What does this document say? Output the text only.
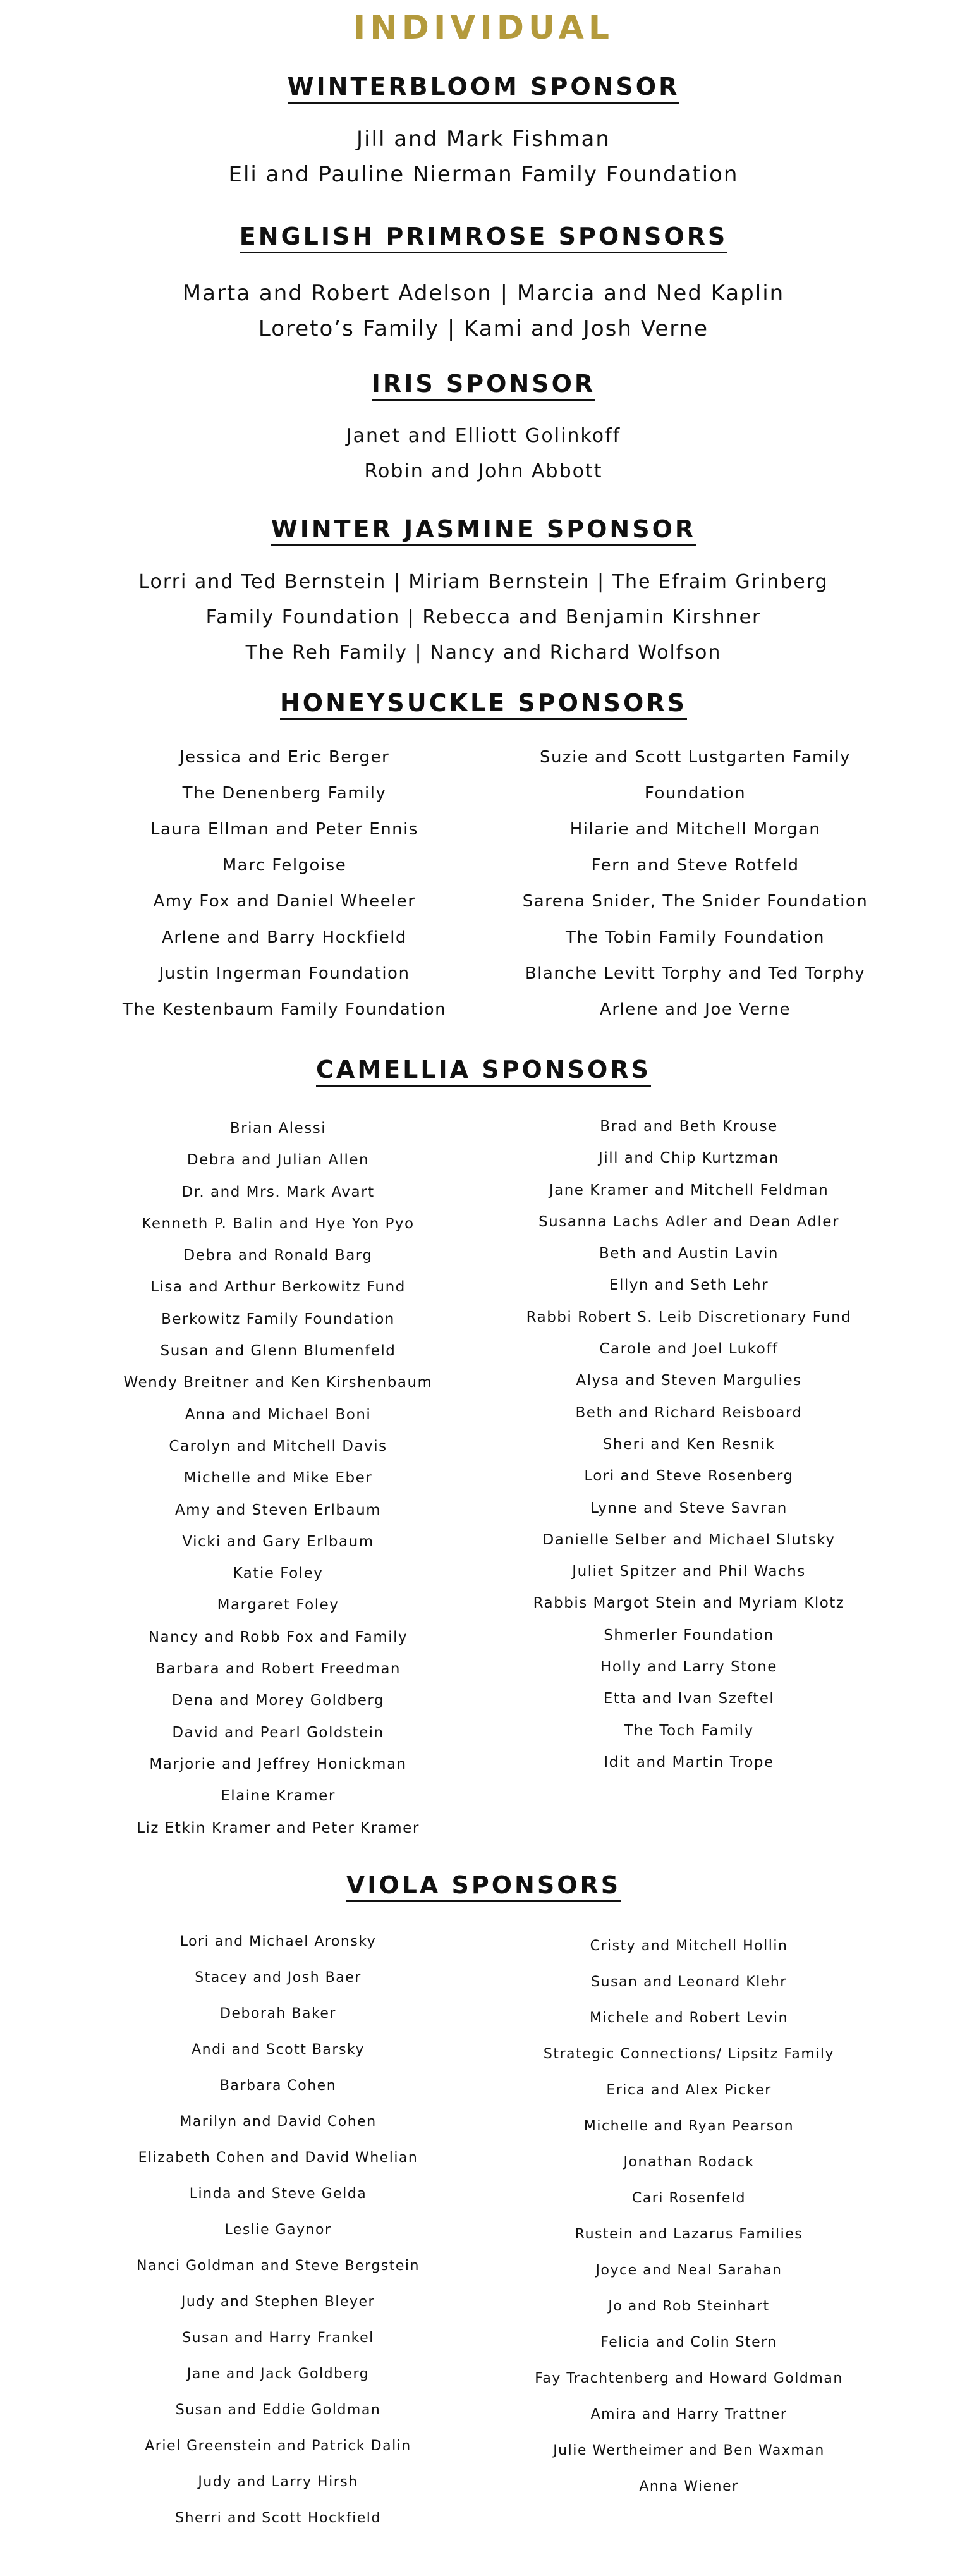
INDIVIDUAL
WINTERBLOOM SPONSOR
Jill and Mark Fishman
Eli and Pauline Nierman Family Foundation
ENGLISH PRIMROSE SPONSORS
Marta and Robert Adelson | Marcia and Ned Kaplin
Loreto’s Family | Kami and Josh Verne
IRIS SPONSOR
Janet and Elliott Golinkoff
Robin and John Abbott
WINTER JASMINE SPONSOR
Lorri and Ted Bernstein | Miriam Bernstein | The Efraim Grinberg
Family Foundation | Rebecca and Benjamin Kirshner
The Reh Family | Nancy and Richard Wolfson
HONEYSUCKLE SPONSORS
Jessica and Eric Berger
The Denenberg Family
Laura Ellman and Peter Ennis
Marc Felgoise
Amy Fox and Daniel Wheeler
Arlene and Barry Hockfield
Justin Ingerman Foundation
The Kestenbaum Family Foundation
Suzie and Scott Lustgarten Family
Foundation
Hilarie and Mitchell Morgan
Fern and Steve Rotfeld
Sarena Snider, The Snider Foundation
The Tobin Family Foundation
Blanche Levitt Torphy and Ted Torphy
Arlene and Joe Verne
CAMELLIA SPONSORS
Brian Alessi
Debra and Julian Allen
Dr. and Mrs. Mark Avart
Kenneth P. Balin and Hye Yon Pyo
Debra and Ronald Barg
Lisa and Arthur Berkowitz Fund
Berkowitz Family Foundation
Susan and Glenn Blumenfeld
Wendy Breitner and Ken Kirshenbaum
Anna and Michael Boni
Carolyn and Mitchell Davis
Michelle and Mike Eber
Amy and Steven Erlbaum
Vicki and Gary Erlbaum
Katie Foley
Margaret Foley
Nancy and Robb Fox and Family
Barbara and Robert Freedman
Dena and Morey Goldberg
David and Pearl Goldstein
Marjorie and Jeffrey Honickman
Elaine Kramer
Liz Etkin Kramer and Peter Kramer
Brad and Beth Krouse
Jill and Chip Kurtzman
Jane Kramer and Mitchell Feldman
Susanna Lachs Adler and Dean Adler
Beth and Austin Lavin
Ellyn and Seth Lehr
Rabbi Robert S. Leib Discretionary Fund
Carole and Joel Lukoff
Alysa and Steven Margulies
Beth and Richard Reisboard
Sheri and Ken Resnik
Lori and Steve Rosenberg
Lynne and Steve Savran
Danielle Selber and Michael Slutsky
Juliet Spitzer and Phil Wachs
Rabbis Margot Stein and Myriam Klotz
Shmerler Foundation
Holly and Larry Stone
Etta and Ivan Szeftel
The Toch Family
Idit and Martin Trope
VIOLA SPONSORS
Lori and Michael Aronsky
Stacey and Josh Baer
Deborah Baker
Andi and Scott Barsky
Barbara Cohen
Marilyn and David Cohen
Elizabeth Cohen and David Whelian
Linda and Steve Gelda
Leslie Gaynor
Nanci Goldman and Steve Bergstein
Judy and Stephen Bleyer
Susan and Harry Frankel
Jane and Jack Goldberg
Susan and Eddie Goldman
Ariel Greenstein and Patrick Dalin
Judy and Larry Hirsh
Sherri and Scott Hockfield
Cristy and Mitchell Hollin
Susan and Leonard Klehr
Michele and Robert Levin
Strategic Connections/ Lipsitz Family
Erica and Alex Picker
Michelle and Ryan Pearson
Jonathan Rodack
Cari Rosenfeld
Rustein and Lazarus Families
Joyce and Neal Sarahan
Jo and Rob Steinhart
Felicia and Colin Stern
Fay Trachtenberg and Howard Goldman
Amira and Harry Trattner
Julie Wertheimer and Ben Waxman
Anna Wiener
